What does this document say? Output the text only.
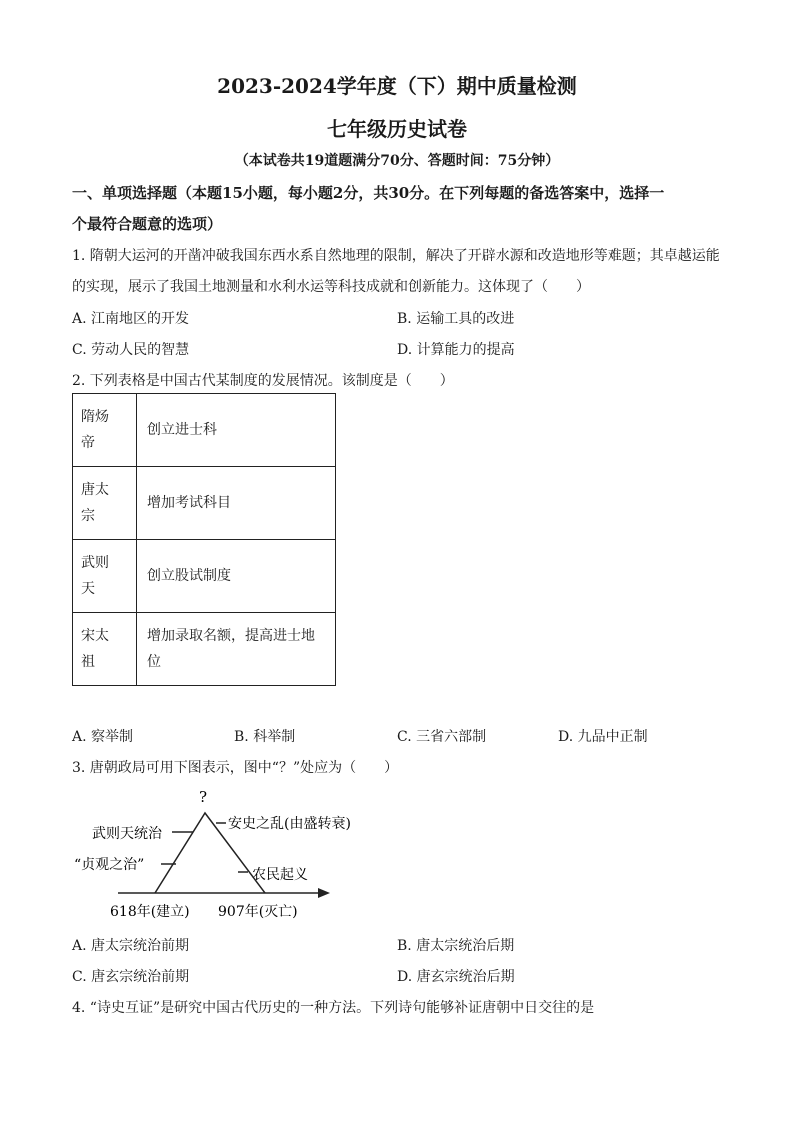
2023-2024学年度（下）期中质量检测
七年级历史试卷
（本试卷共19道题满分70分、答题时间：75分钟）
一、单项选择题（本题15小题，每小题2分，共30分。在下列每题的备选答案中，选择一
个最符合题意的选项）
1. 隋朝大运河的开凿冲破我国东西水系自然地理的限制，解决了开辟水源和改造地形等难题；其卓越运能
的实现，展示了我国土地测量和水利水运等科技成就和创新能力。这体现了（　　）
A. 江南地区的开发	B. 运输工具的改进
C. 劳动人民的智慧	D. 计算能力的提高
2. 下列表格是中国古代某制度的发展情况。该制度是（　　）
隋炀
帝	创立进士科
唐太
宗	增加考试科目
武则
天	创立股试制度
宋太
祖	增加录取名额，提高进士地
位
A. 察举制	B. 科举制	C. 三省六部制	D. 九品中正制
3. 唐朝政局可用下图表示，图中“？”处应为（　　）
?
武则天统治
“贞观之治”
安史之乱(由盛转衰)
农民起义
618年(建立) 907年(灭亡)
A. 唐太宗统治前期	B. 唐太宗统治后期
C. 唐玄宗统治前期	D. 唐玄宗统治后期
4. “诗史互证”是研究中国古代历史的一种方法。下列诗句能够补证唐朝中日交往的是
